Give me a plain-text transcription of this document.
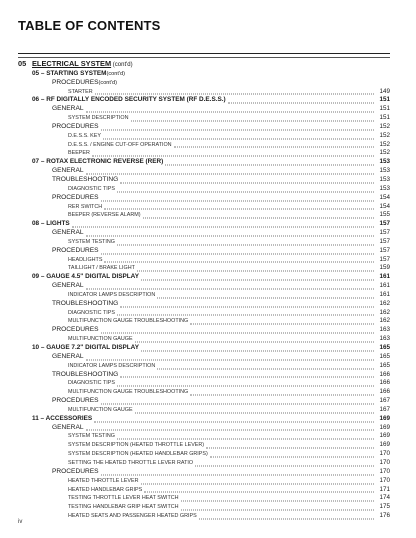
TABLE OF CONTENTS
05 ELECTRICAL SYSTEM (cont'd)
05 – STARTING SYSTEM (cont'd)
PROCEDURES (cont'd)
STARTER	149
06 – RF DIGITALLY ENCODED SECURITY SYSTEM (RF D.E.S.S.)	151
GENERAL	151
SYSTEM DESCRIPTION	151
PROCEDURES	152
D.E.S.S. KEY	152
D.E.S.S. / ENGINE CUT-OFF OPERATION	152
BEEPER	152
07 – ROTAX ELECTRONIC REVERSE (RER)	153
GENERAL	153
TROUBLESHOOTING	153
DIAGNOSTIC TIPS	153
PROCEDURES	154
RER SWITCH	154
BEEPER (REVERSE ALARM)	155
08 – LIGHTS	157
GENERAL	157
SYSTEM TESTING	157
PROCEDURES	157
HEADLIGHTS	157
TAILLIGHT / BRAKE LIGHT	159
09 – GAUGE 4.5" DIGITAL DISPLAY	161
GENERAL	161
INDICATOR LAMPS DESCRIPTION	161
TROUBLESHOOTING	162
DIAGNOSTIC TIPS	162
MULTIFUNCTION GAUGE TROUBLESHOOTING	162
PROCEDURES	163
MULTIFUNCTION GAUGE	163
10 – GAUGE 7.2" DIGITAL DISPLAY	165
GENERAL	165
INDICATOR LAMPS DESCRIPTION	165
TROUBLESHOOTING	166
DIAGNOSTIC TIPS	166
MULTIFUNCTION GAUGE TROUBLESHOOTING	166
PROCEDURES	167
MULTIFUNCTION GAUGE	167
11 – ACCESSORIES	169
GENERAL	169
SYSTEM TESTING	169
SYSTEM DESCRIPTION (HEATED THROTTLE LEVER)	169
SYSTEM DESCRIPTION (HEATED HANDLEBAR GRIPS)	170
SETTING THE HEATED THROTTLE LEVER RATIO	170
PROCEDURES	170
HEATED THROTTLE LEVER	170
HEATED HANDLEBAR GRIPS	171
TESTING THROTTLE LEVER HEAT SWITCH	174
TESTING HANDLEBAR GRIP HEAT SWITCH	175
HEATED SEATS AND PASSENGER HEATED GRIPS	176
iv
